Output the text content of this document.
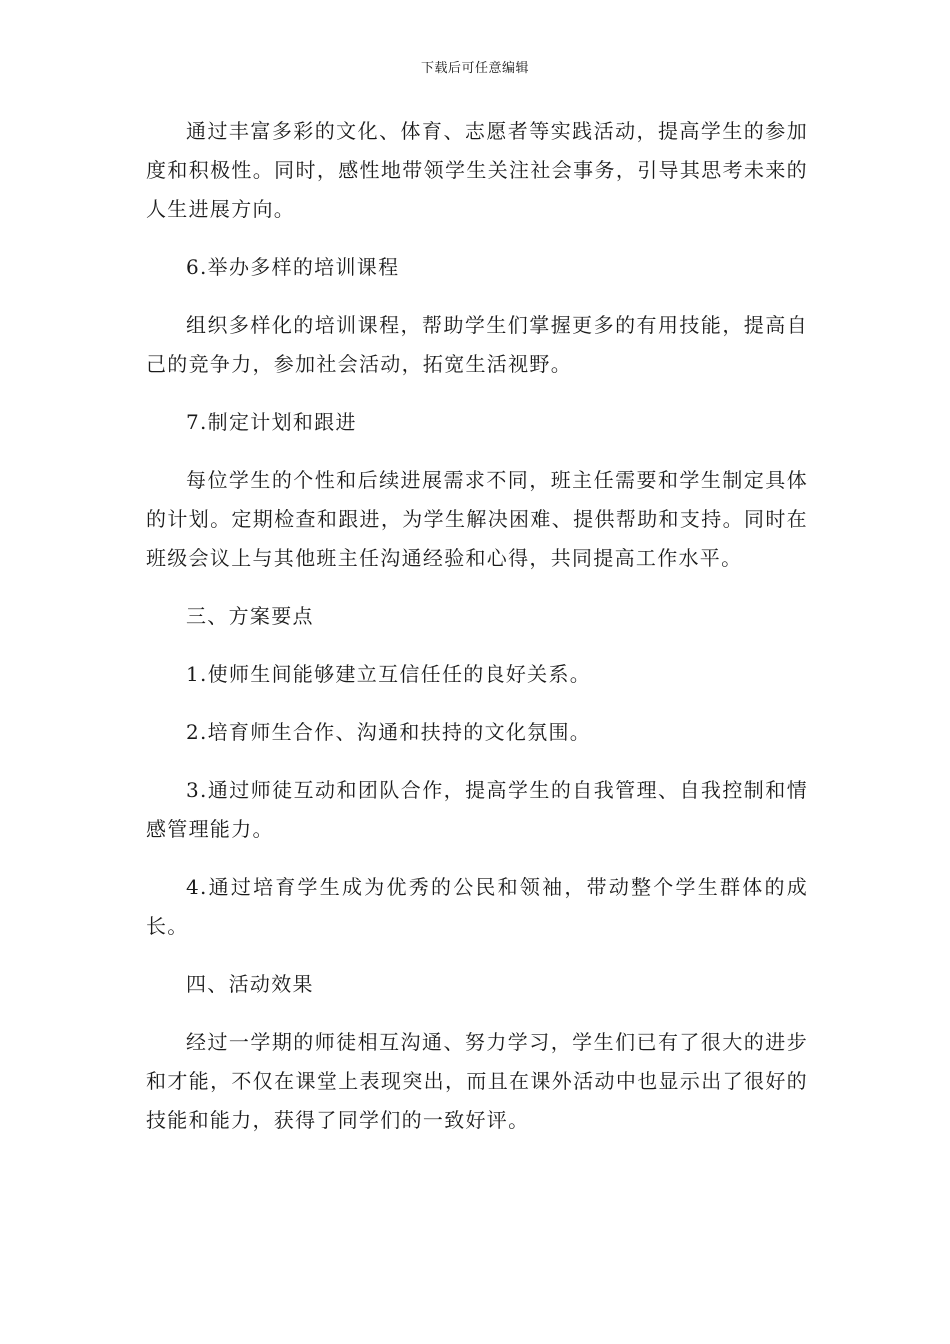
下载后可任意编辑

通过丰富多彩的文化、体育、志愿者等实践活动，提高学生的参加度和积极性。同时，感性地带领学生关注社会事务，引导其思考未来的人生进展方向。

6.举办多样的培训课程

组织多样化的培训课程，帮助学生们掌握更多的有用技能，提高自己的竞争力，参加社会活动，拓宽生活视野。

7.制定计划和跟进

每位学生的个性和后续进展需求不同，班主任需要和学生制定具体的计划。定期检查和跟进，为学生解决困难、提供帮助和支持。同时在班级会议上与其他班主任沟通经验和心得，共同提高工作水平。

三、方案要点

1.使师生间能够建立互信任任的良好关系。

2.培育师生合作、沟通和扶持的文化氛围。

3.通过师徒互动和团队合作，提高学生的自我管理、自我控制和情感管理能力。

4.通过培育学生成为优秀的公民和领袖，带动整个学生群体的成长。

四、活动效果

经过一学期的师徒相互沟通、努力学习，学生们已有了很大的进步和才能，不仅在课堂上表现突出，而且在课外活动中也显示出了很好的技能和能力，获得了同学们的一致好评。
